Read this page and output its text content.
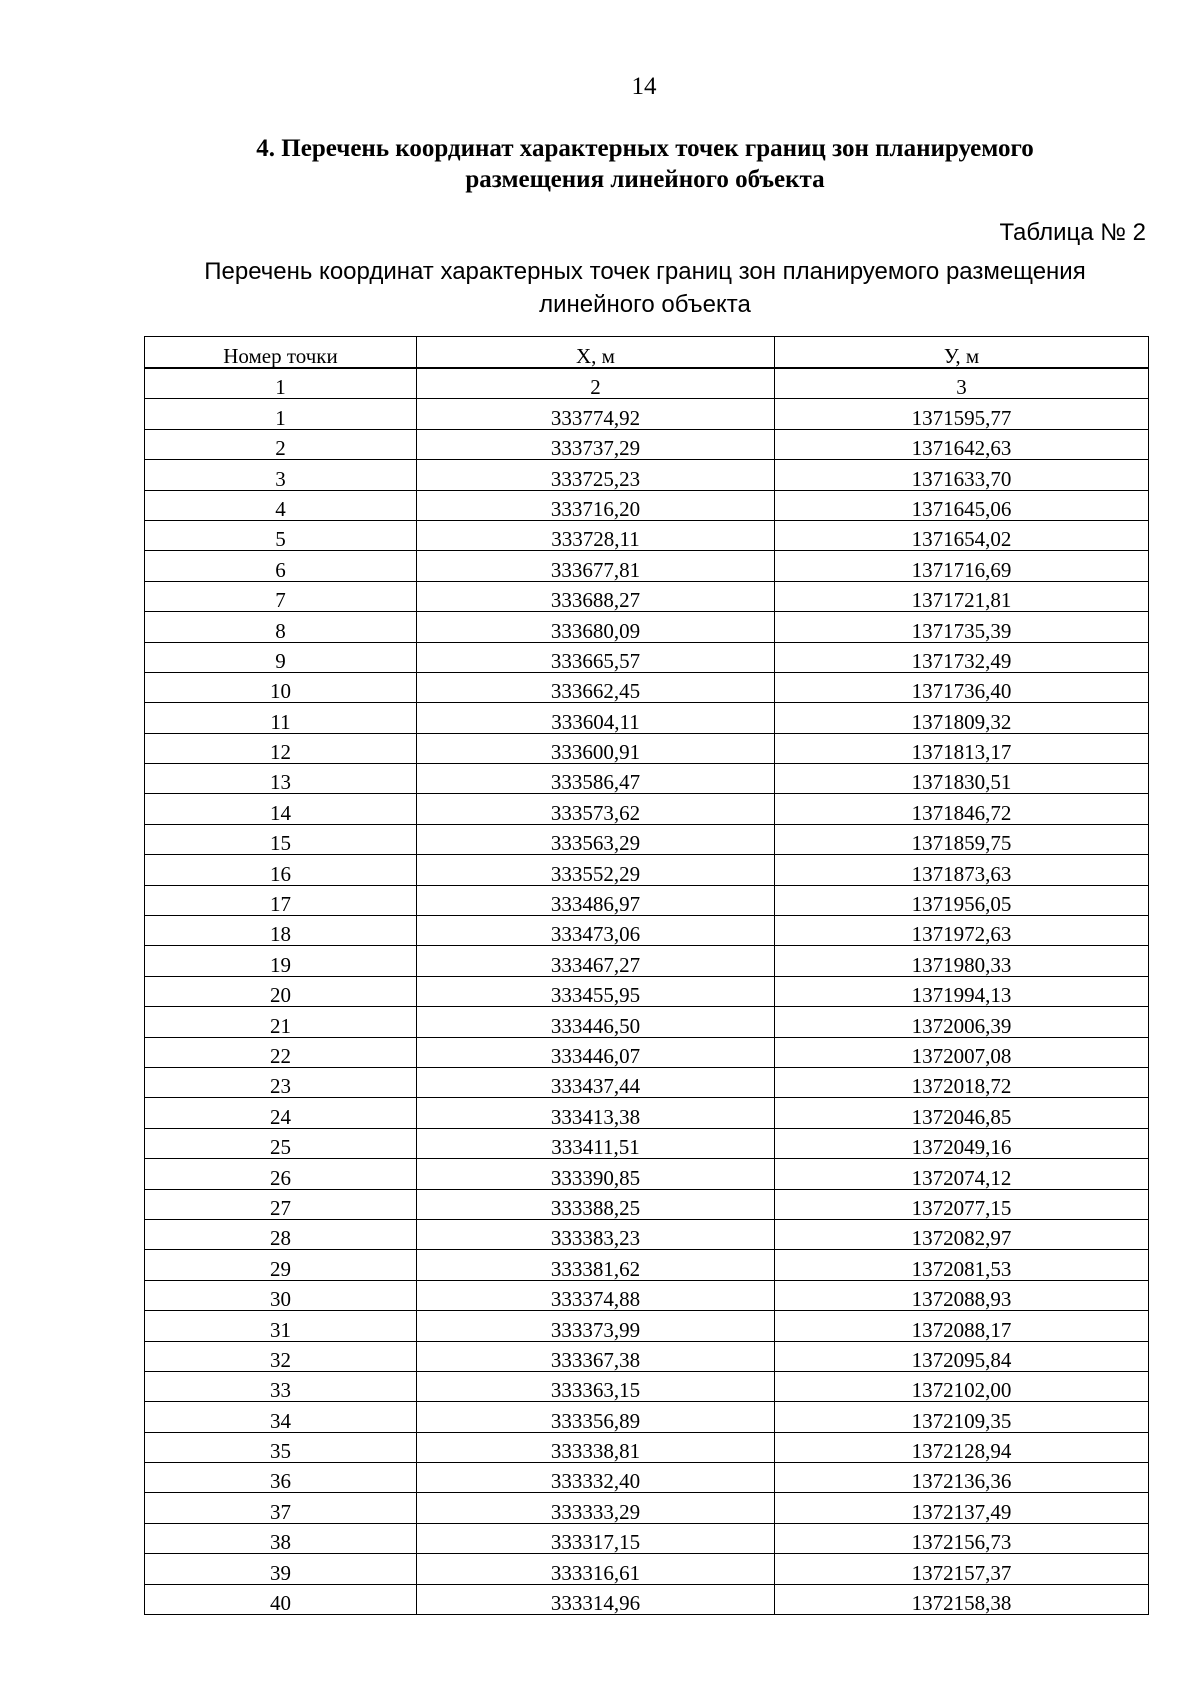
14
4. Перечень координат характерных точек границ зон планируемого
размещения линейного объекта
Таблица № 2
Перечень координат характерных точек границ зон планируемого размещения
линейного объекта
Номер точки	Х, м	У, м
1	2	3
1	333774,92	1371595,77
2	333737,29	1371642,63
3	333725,23	1371633,70
4	333716,20	1371645,06
5	333728,11	1371654,02
6	333677,81	1371716,69
7	333688,27	1371721,81
8	333680,09	1371735,39
9	333665,57	1371732,49
10	333662,45	1371736,40
11	333604,11	1371809,32
12	333600,91	1371813,17
13	333586,47	1371830,51
14	333573,62	1371846,72
15	333563,29	1371859,75
16	333552,29	1371873,63
17	333486,97	1371956,05
18	333473,06	1371972,63
19	333467,27	1371980,33
20	333455,95	1371994,13
21	333446,50	1372006,39
22	333446,07	1372007,08
23	333437,44	1372018,72
24	333413,38	1372046,85
25	333411,51	1372049,16
26	333390,85	1372074,12
27	333388,25	1372077,15
28	333383,23	1372082,97
29	333381,62	1372081,53
30	333374,88	1372088,93
31	333373,99	1372088,17
32	333367,38	1372095,84
33	333363,15	1372102,00
34	333356,89	1372109,35
35	333338,81	1372128,94
36	333332,40	1372136,36
37	333333,29	1372137,49
38	333317,15	1372156,73
39	333316,61	1372157,37
40	333314,96	1372158,38
